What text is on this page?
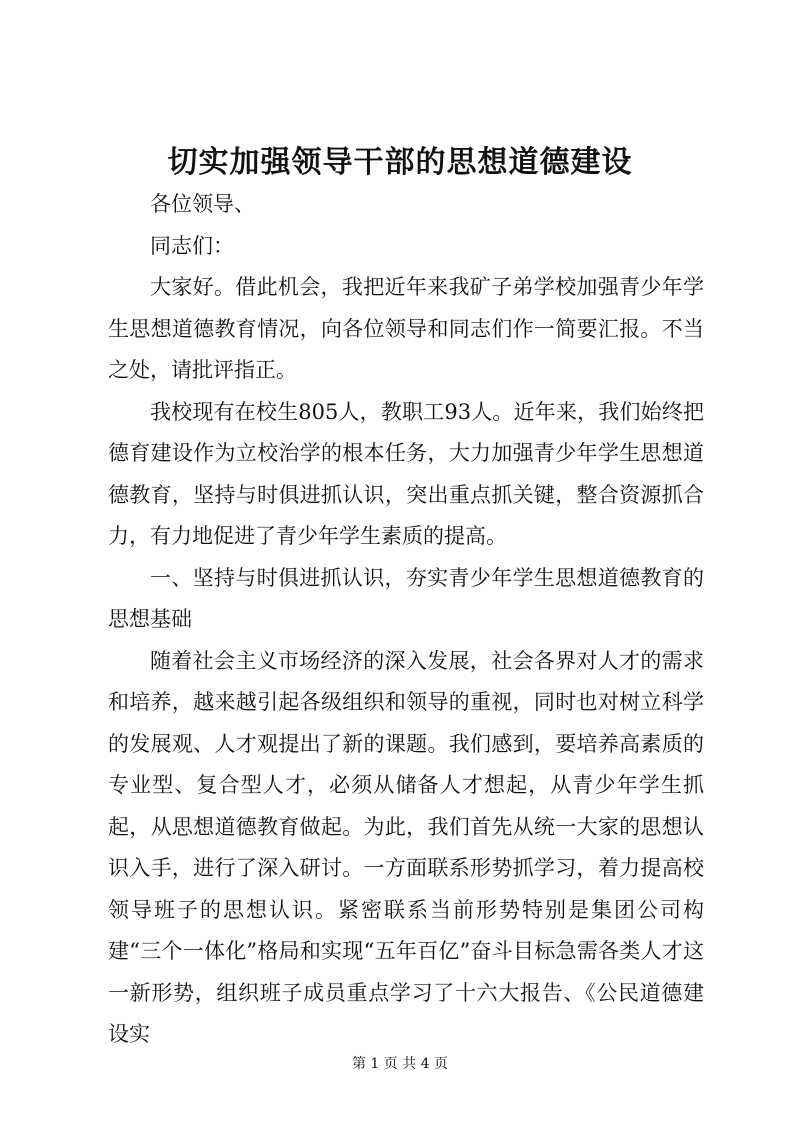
切实加强领导干部的思想道德建设

各位领导、

同志们：

大家好。借此机会，我把近年来我矿子弟学校加强青少年学生思想道德教育情况，向各位领导和同志们作一简要汇报。不当之处，请批评指正。

我校现有在校生805人，教职工93人。近年来，我们始终把德育建设作为立校治学的根本任务，大力加强青少年学生思想道德教育，坚持与时俱进抓认识，突出重点抓关键，整合资源抓合力，有力地促进了青少年学生素质的提高。

一、坚持与时俱进抓认识，夯实青少年学生思想道德教育的思想基础

随着社会主义市场经济的深入发展，社会各界对人才的需求和培养，越来越引起各级组织和领导的重视，同时也对树立科学的发展观、人才观提出了新的课题。我们感到，要培养高素质的专业型、复合型人才，必须从储备人才想起，从青少年学生抓起，从思想道德教育做起。为此，我们首先从统一大家的思想认识入手，进行了深入研讨。一方面联系形势抓学习，着力提高校领导班子的思想认识。紧密联系当前形势特别是集团公司构建“三个一体化”格局和实现“五年百亿”奋斗目标急需各类人才这一新形势，组织班子成员重点学习了十六大报告、《公民道德建设实

第 1 页 共 4 页
